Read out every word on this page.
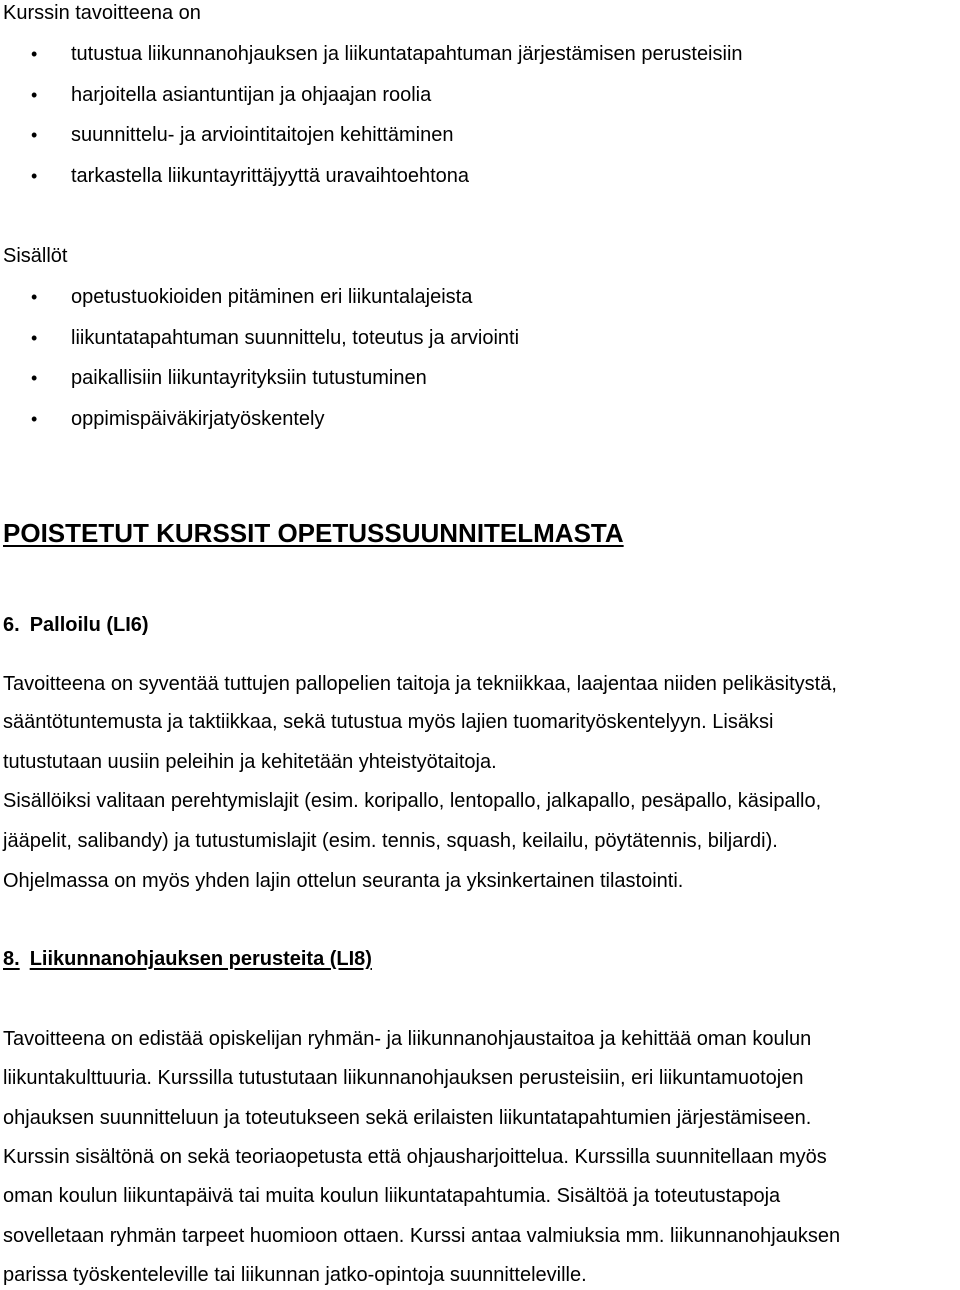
Kurssin tavoitteena on
• tutustua liikunnanohjauksen ja liikuntatapahtuman järjestämisen perusteisiin
• harjoitella asiantuntijan ja ohjaajan roolia
• suunnittelu- ja arviointitaitojen kehittäminen
• tarkastella liikuntayrittäjyyttä uravaihtoehtona
Sisällöt
• opetustuokioiden pitäminen eri liikuntalajeista
• liikuntatapahtuman suunnittelu, toteutus ja arviointi
• paikallisiin liikuntayrityksiin tutustuminen
• oppimispäiväkirjatyöskentely
POISTETUT KURSSIT OPETUSSUUNNITELMASTA
6. Palloilu (LI6)
Tavoitteena on syventää tuttujen pallopelien taitoja ja tekniikkaa, laajentaa niiden pelikäsitystä,
sääntötuntemusta ja taktiikkaa, sekä tutustua myös lajien tuomarityöskentelyyn. Lisäksi
tutustutaan uusiin peleihin ja kehitetään yhteistyötaitoja.
Sisällöiksi valitaan perehtymislajit (esim. koripallo, lentopallo, jalkapallo, pesäpallo, käsipallo,
jääpelit, salibandy) ja tutustumislajit (esim. tennis, squash, keilailu, pöytätennis, biljardi).
Ohjelmassa on myös yhden lajin ottelun seuranta ja yksinkertainen tilastointi.
8. Liikunnanohjauksen perusteita (LI8)
Tavoitteena on edistää opiskelijan ryhmän- ja liikunnanohjaustaitoa ja kehittää oman koulun
liikuntakulttuuria. Kurssilla tutustutaan liikunnanohjauksen perusteisiin, eri liikuntamuotojen
ohjauksen suunnitteluun ja toteutukseen sekä erilaisten liikuntatapahtumien järjestämiseen.
Kurssin sisältönä on sekä teoriaopetusta että ohjausharjoittelua. Kurssilla suunnitellaan myös
oman koulun liikuntapäivä tai muita koulun liikuntatapahtumia. Sisältöä ja toteutustapoja
sovelletaan ryhmän tarpeet huomioon ottaen. Kurssi antaa valmiuksia mm. liikunnanohjauksen
parissa työskenteleville tai liikunnan jatko-opintoja suunnitteleville.
